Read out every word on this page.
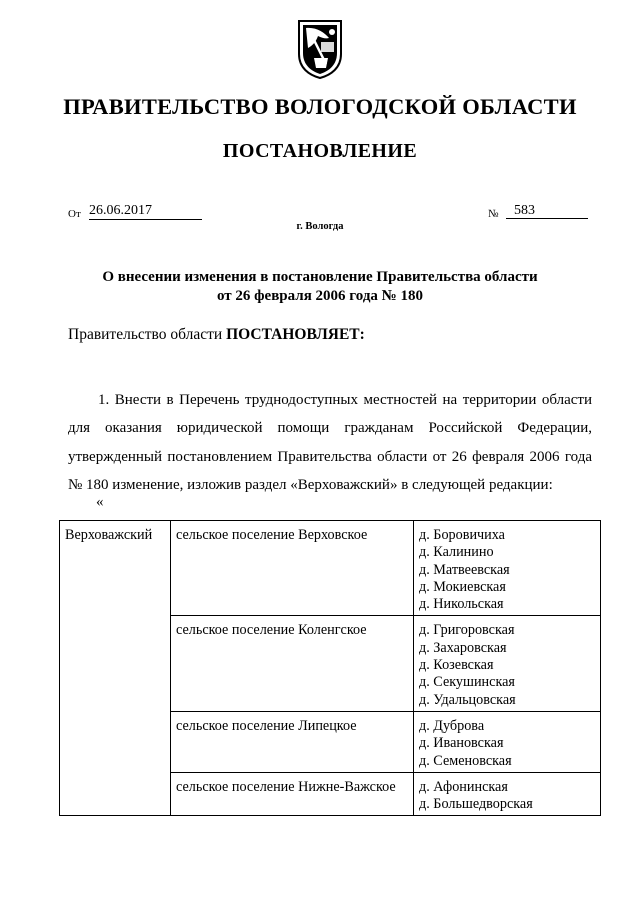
ПРАВИТЕЛЬСТВО ВОЛОГОДСКОЙ ОБЛАСТИ
ПОСТАНОВЛЕНИЕ
От 26.06.2017	№	583
г. Вологда
О внесении изменения в постановление Правительства области
от 26 февраля 2006 года № 180
Правительство области ПОСТАНОВЛЯЕТ:
1. Внести в Перечень труднодоступных местностей на территории области для оказания юридической помощи гражданам Российской Федерации, утвержденный постановлением Правительства области от 26 февраля 2006 года № 180 изменение, изложив раздел «Верховажский» в следующей редакции:
«
Верховажский	сельское поселение Верховское	д. Боровичиха
д. Калинино
д. Матвеевская
д. Мокиевская
д. Никольская

	сельское поселение Коленгское	д. Григоровская
д. Захаровская
д. Козевская
д. Секушинская
д. Удальцовская

	сельское поселение Липецкое	д. Дуброва
д. Ивановская
д. Семеновская

	сельское поселение Нижне-Важское	д. Афонинская
д. Большедворская
